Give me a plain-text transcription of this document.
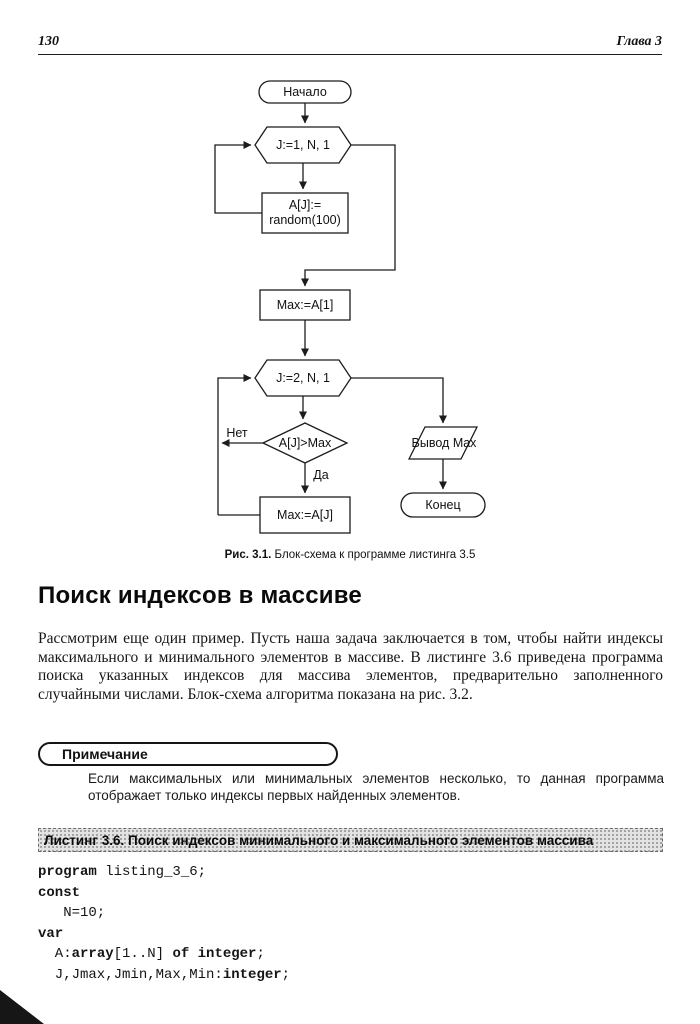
130	Глава 3
Начало
J:=1, N, 1
A[J]:=
random(100)
Max:=A[1]
J:=2, N, 1
A[J]>Max
Нет
Да
Max:=A[J]
Вывод Max
Конец
Рис. 3.1. Блок-схема к программе листинга 3.5
Поиск индексов в массиве

Рассмотрим еще один пример. Пусть наша задача заключается в том, чтобы найти индексы максимального и минимального элементов в массиве. В листинге 3.6 приведена программа поиска указанных индексов для массива элементов, предварительно заполненного случайными числами. Блок-схема алгоритма показана на рис. 3.2.

Примечание

Если максимальных или минимальных элементов несколько, то данная программа отображает только индексы первых найденных элементов.

Листинг 3.6. Поиск индексов минимального и максимального элементов массива
program listing_3_6;
const
N=10;
var
A:array[1..N] of integer;
J,Jmax,Jmin,Max,Min:integer;
